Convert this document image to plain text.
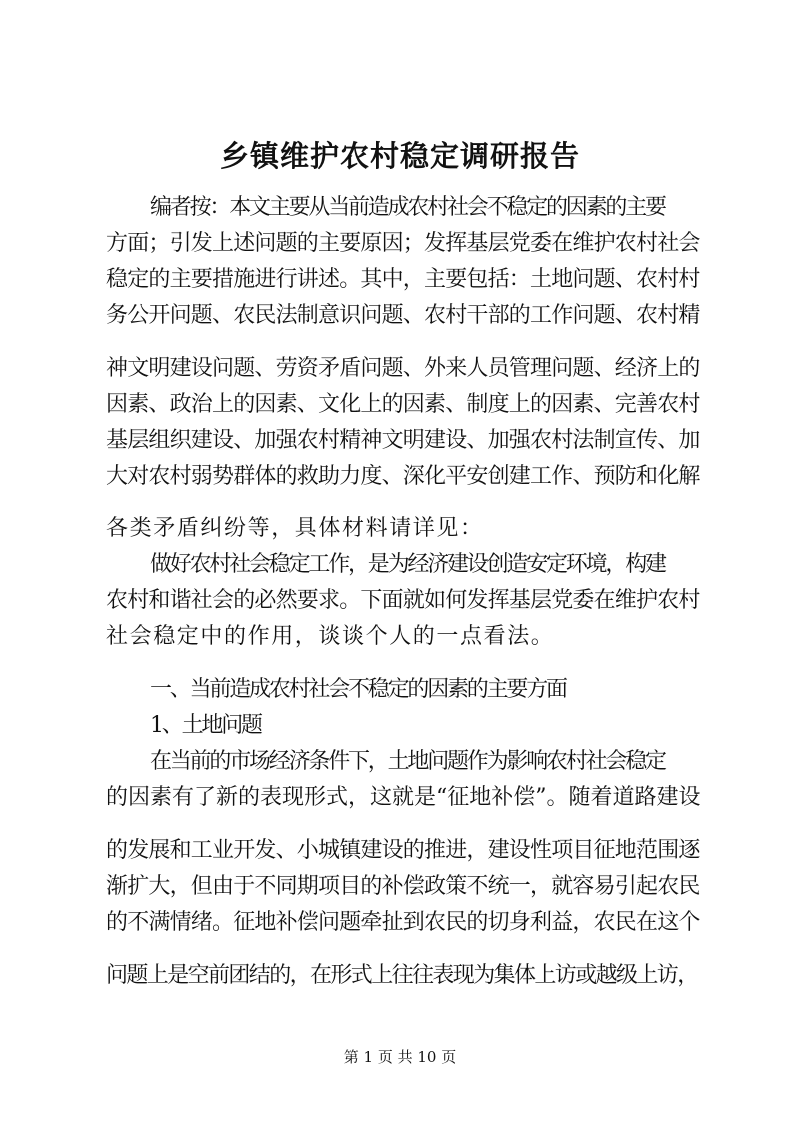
乡镇维护农村稳定调研报告
编者按：本文主要从当前造成农村社会不稳定的因素的主要
方面；引发上述问题的主要原因；发挥基层党委在维护农村社会
稳定的主要措施进行讲述。其中，主要包括：土地问题、农村村
务公开问题、农民法制意识问题、农村干部的工作问题、农村精
神文明建设问题、劳资矛盾问题、外来人员管理问题、经济上的
因素、政治上的因素、文化上的因素、制度上的因素、完善农村
基层组织建设、加强农村精神文明建设、加强农村法制宣传、加
大对农村弱势群体的救助力度、深化平安创建工作、预防和化解
各类矛盾纠纷等，具体材料请详见：
做好农村社会稳定工作，是为经济建设创造安定环境，构建
农村和谐社会的必然要求。下面就如何发挥基层党委在维护农村
社会稳定中的作用，谈谈个人的一点看法。
一、当前造成农村社会不稳定的因素的主要方面
1、土地问题
在当前的市场经济条件下，土地问题作为影响农村社会稳定
的因素有了新的表现形式，这就是“征地补偿”。随着道路建设
的发展和工业开发、小城镇建设的推进，建设性项目征地范围逐
渐扩大，但由于不同期项目的补偿政策不统一，就容易引起农民
的不满情绪。征地补偿问题牵扯到农民的切身利益，农民在这个
问题上是空前团结的，在形式上往往表现为集体上访或越级上访，
第 1 页 共 10 页
